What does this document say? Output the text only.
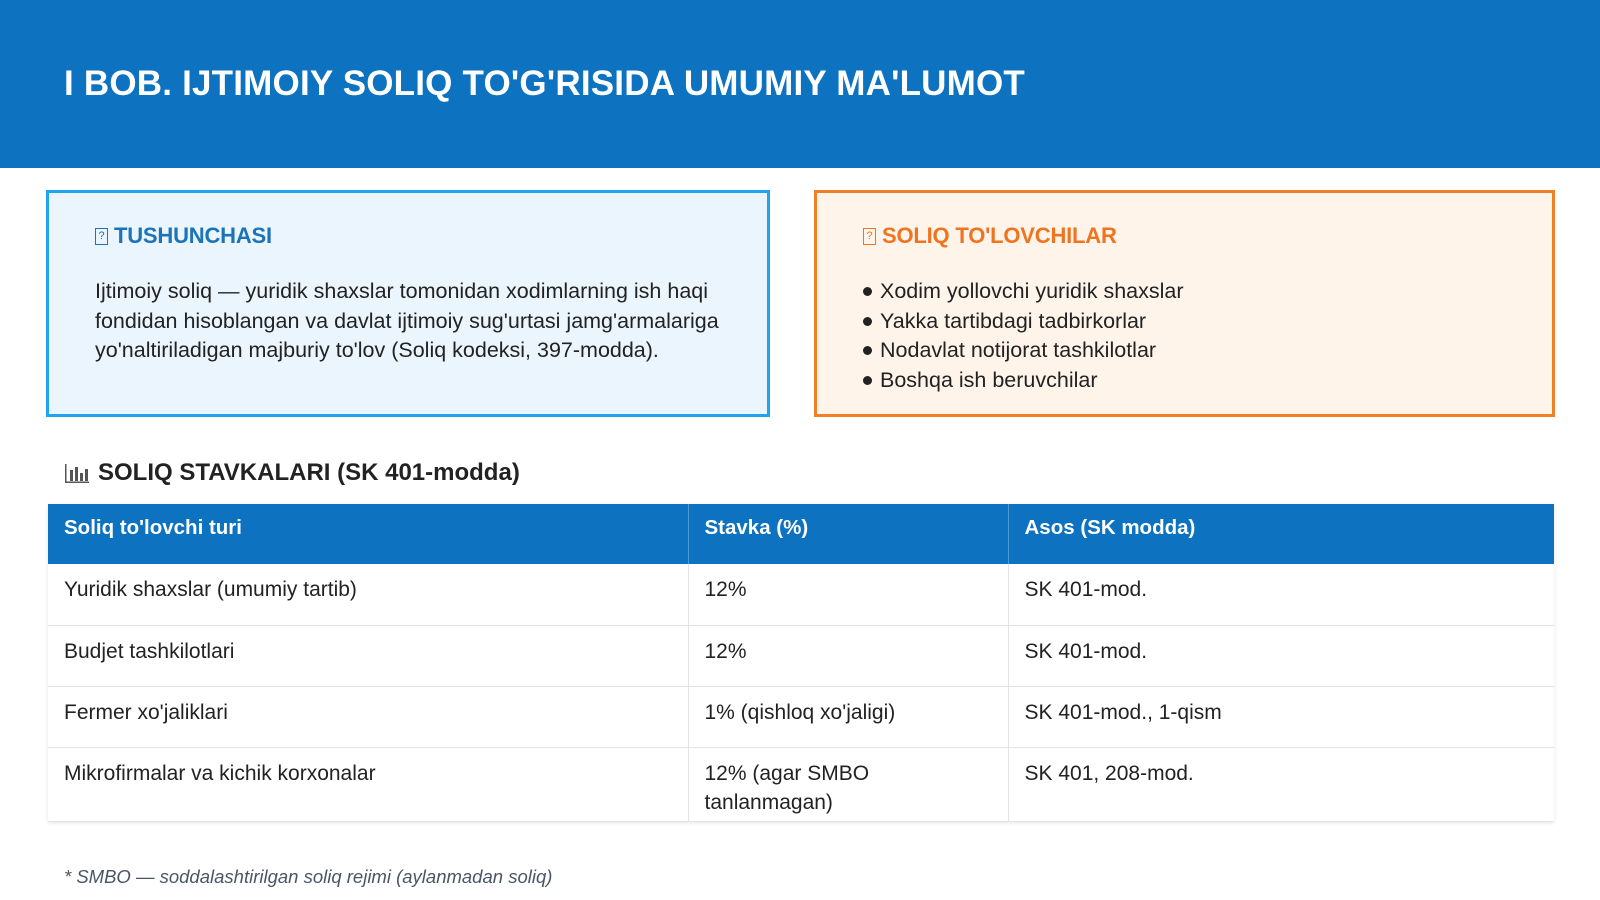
I BOB. IJTIMOIY SOLIQ TO'G'RISIDA UMUMIY MA'LUMOT
? TUSHUNCHASI

Ijtimoiy soliq — yuridik shaxslar tomonidan xodimlarning ish haqi fondidan hisoblangan va davlat ijtimoiy sug'urtasi jamg'armalariga yo'naltiriladigan majburiy to'lov (Soliq kodeksi, 397-modda).

? SOLIQ TO'LOVCHILAR
Xodim yollovchi yuridik shaxslar
Yakka tartibdagi tadbirkorlar
Nodavlat notijorat tashkilotlar
Boshqa ish beruvchilar
SOLIQ STAVKALARI (SK 401-modda)
Soliq to'lovchi turi	Stavka (%)	Asos (SK modda)
Yuridik shaxslar (umumiy tartib)	12%	SK 401-mod.
Budjet tashkilotlari	12%	SK 401-mod.
Fermer xo'jaliklari	1% (qishloq xo'jaligi)	SK 401-mod., 1-qism
Mikrofirmalar va kichik korxonalar	12% (agar SMBO tanlanmagan)	SK 401, 208-mod.

* SMBO — soddalashtirilgan soliq rejimi (aylanmadan soliq)
